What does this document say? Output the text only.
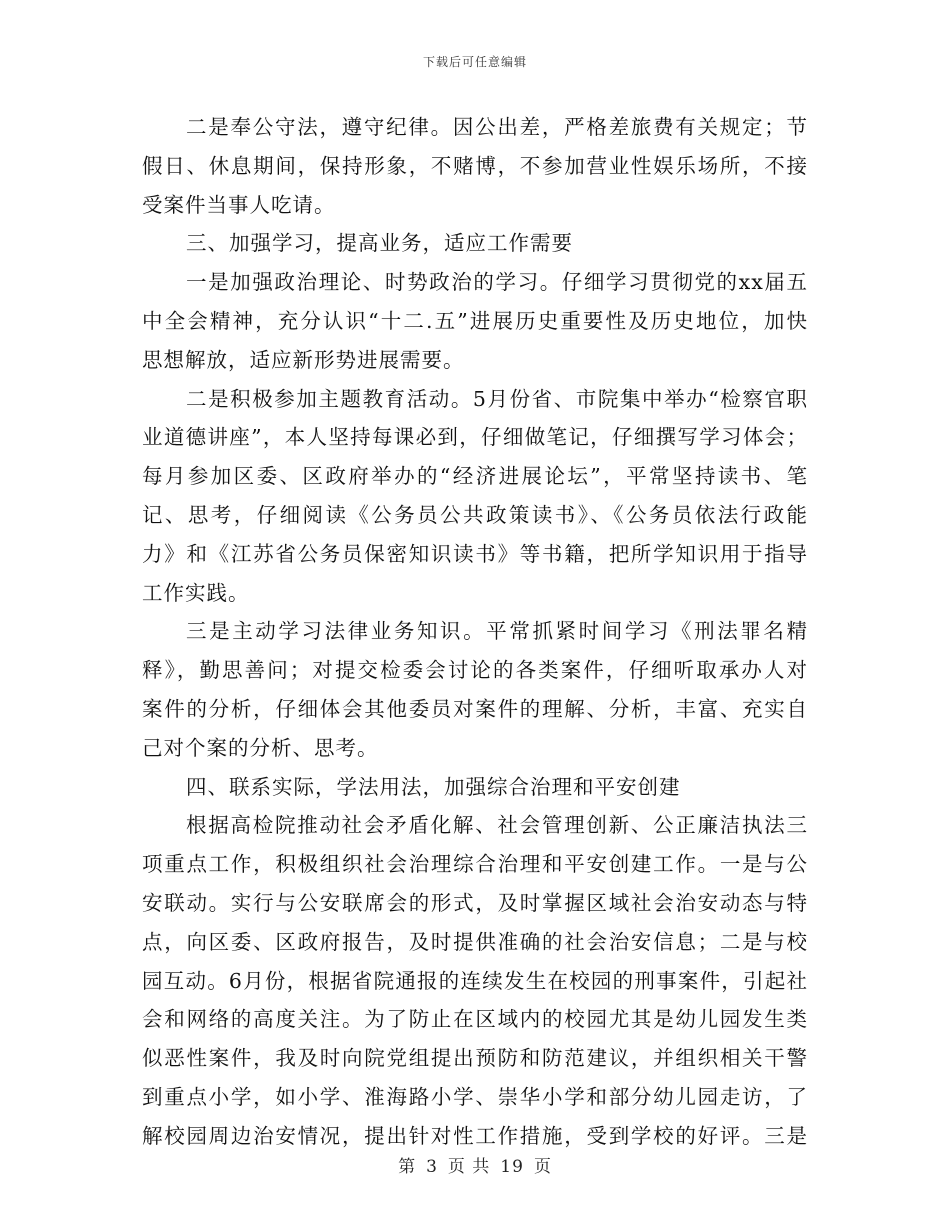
下载后可任意编辑
二是奉公守法，遵守纪律。因公出差，严格差旅费有关规定；节
假日、休息期间，保持形象，不赌博，不参加营业性娱乐场所，不接
受案件当事人吃请。
三、加强学习，提高业务，适应工作需要
一是加强政治理论、时势政治的学习。仔细学习贯彻党的xx届五
中全会精神，充分认识“十二.五”进展历史重要性及历史地位，加快
思想解放，适应新形势进展需要。
二是积极参加主题教育活动。5月份省、市院集中举办“检察官职
业道德讲座”，本人坚持每课必到，仔细做笔记，仔细撰写学习体会；
每月参加区委、区政府举办的“经济进展论坛”，平常坚持读书、笔
记、思考，仔细阅读《公务员公共政策读书》、《公务员依法行政能
力》和《江苏省公务员保密知识读书》等书籍，把所学知识用于指导
工作实践。
三是主动学习法律业务知识。平常抓紧时间学习《刑法罪名精
释》，勤思善问；对提交检委会讨论的各类案件，仔细听取承办人对
案件的分析，仔细体会其他委员对案件的理解、分析，丰富、充实自
己对个案的分析、思考。
四、联系实际，学法用法，加强综合治理和平安创建
根据高检院推动社会矛盾化解、社会管理创新、公正廉洁执法三
项重点工作，积极组织社会治理综合治理和平安创建工作。一是与公
安联动。实行与公安联席会的形式，及时掌握区域社会治安动态与特
点，向区委、区政府报告，及时提供准确的社会治安信息；二是与校
园互动。6月份，根据省院通报的连续发生在校园的刑事案件，引起社
会和网络的高度关注。为了防止在区域内的校园尤其是幼儿园发生类
似恶性案件，我及时向院党组提出预防和防范建议，并组织相关干警
到重点小学，如小学、淮海路小学、崇华小学和部分幼儿园走访，了
解校园周边治安情况，提出针对性工作措施，受到学校的好评。三是
第 3 页 共 19 页
